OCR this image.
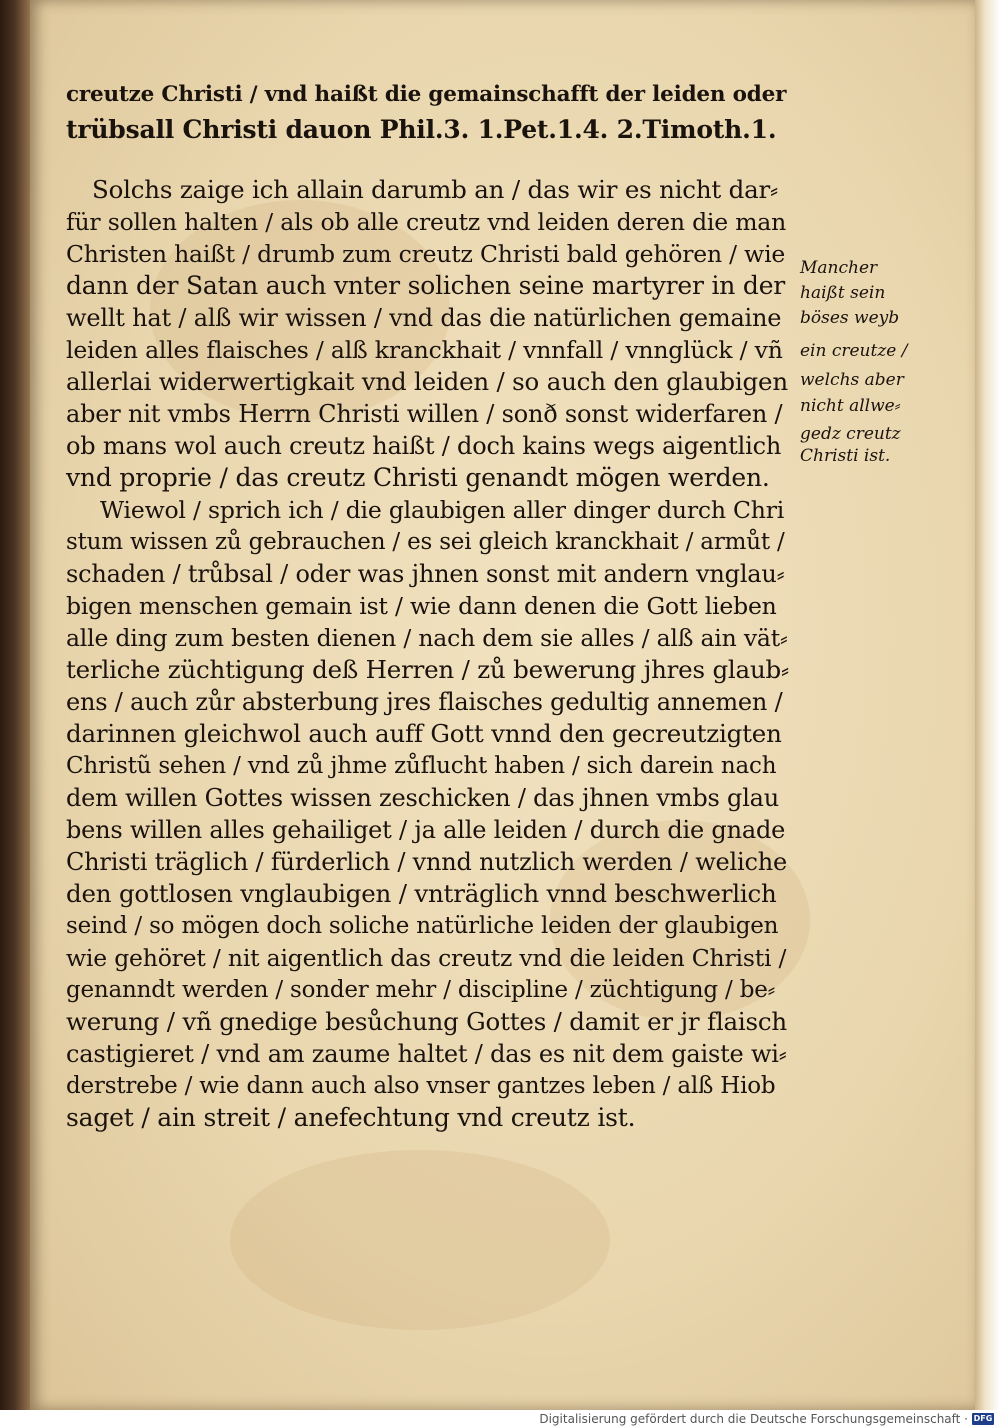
creutze Christi / vnd haißt die gemainschafft der leiden oder
trübsall Christi dauon Phil.3. 1.Pet.1.4. 2.Timoth.1.
Solchs zaige ich allain darumb an / das wir es nicht dar⸗
für sollen halten / als ob alle creutz vnd leiden deren die man
Christen haißt / drumb zum creutz Christi bald gehören / wie
dann der Satan auch vnter solichen seine martyrer in der
wellt hat / alß wir wissen / vnd das die natürlichen gemaine
leiden alles flaisches / alß kranckhait / vnnfall / vnnglück / vñ
allerlai widerwertigkait vnd leiden / so auch den glaubigen
aber nit vmbs Herrn Christi willen / sonð sonst widerfaren /
ob mans wol auch creutz haißt / doch kains wegs aigentlich
vnd proprie / das creutz Christi genandt mögen werden.
Wiewol / sprich ich / die glaubigen aller dinger durch Chri
stum wissen zů gebrauchen / es sei gleich kranckhait / armůt /
schaden / trůbsal / oder was jhnen sonst mit andern vnglau⸗
bigen menschen gemain ist / wie dann denen die Gott lieben
alle ding zum besten dienen / nach dem sie alles / alß ain vät⸗
terliche züchtigung deß Herren / zů bewerung jhres glaub⸗
ens / auch zůr absterbung jres flaisches gedultig annemen /
darinnen gleichwol auch auff Gott vnnd den gecreutzigten
Christũ sehen / vnd zů jhme zůflucht haben / sich darein nach
dem willen Gottes wissen zeschicken / das jhnen vmbs glau
bens willen alles gehailiget / ja alle leiden / durch die gnade
Christi träglich / fürderlich / vnnd nutzlich werden / weliche
den gottlosen vnglaubigen / vnträglich vnnd beschwerlich
seind / so mögen doch soliche natürliche leiden der glaubigen
wie gehöret / nit aigentlich das creutz vnd die leiden Christi /
genanndt werden / sonder mehr / discipline / züchtigung / be⸗
werung / vñ gnedige besůchung Gottes / damit er jr flaisch
castigieret / vnd am zaume haltet / das es nit dem gaiste wi⸗
derstrebe / wie dann auch also vnser gantzes leben / alß Hiob
saget / ain streit / anefechtung vnd creutz ist.
Mancher
haißt sein
böses weyb
ein creutze /
welchs aber
nicht allwe⸗
gedz creutz
Christi ist.
Digitalisierung gefördert durch die Deutsche Forschungsgemeinschaft · DFG
